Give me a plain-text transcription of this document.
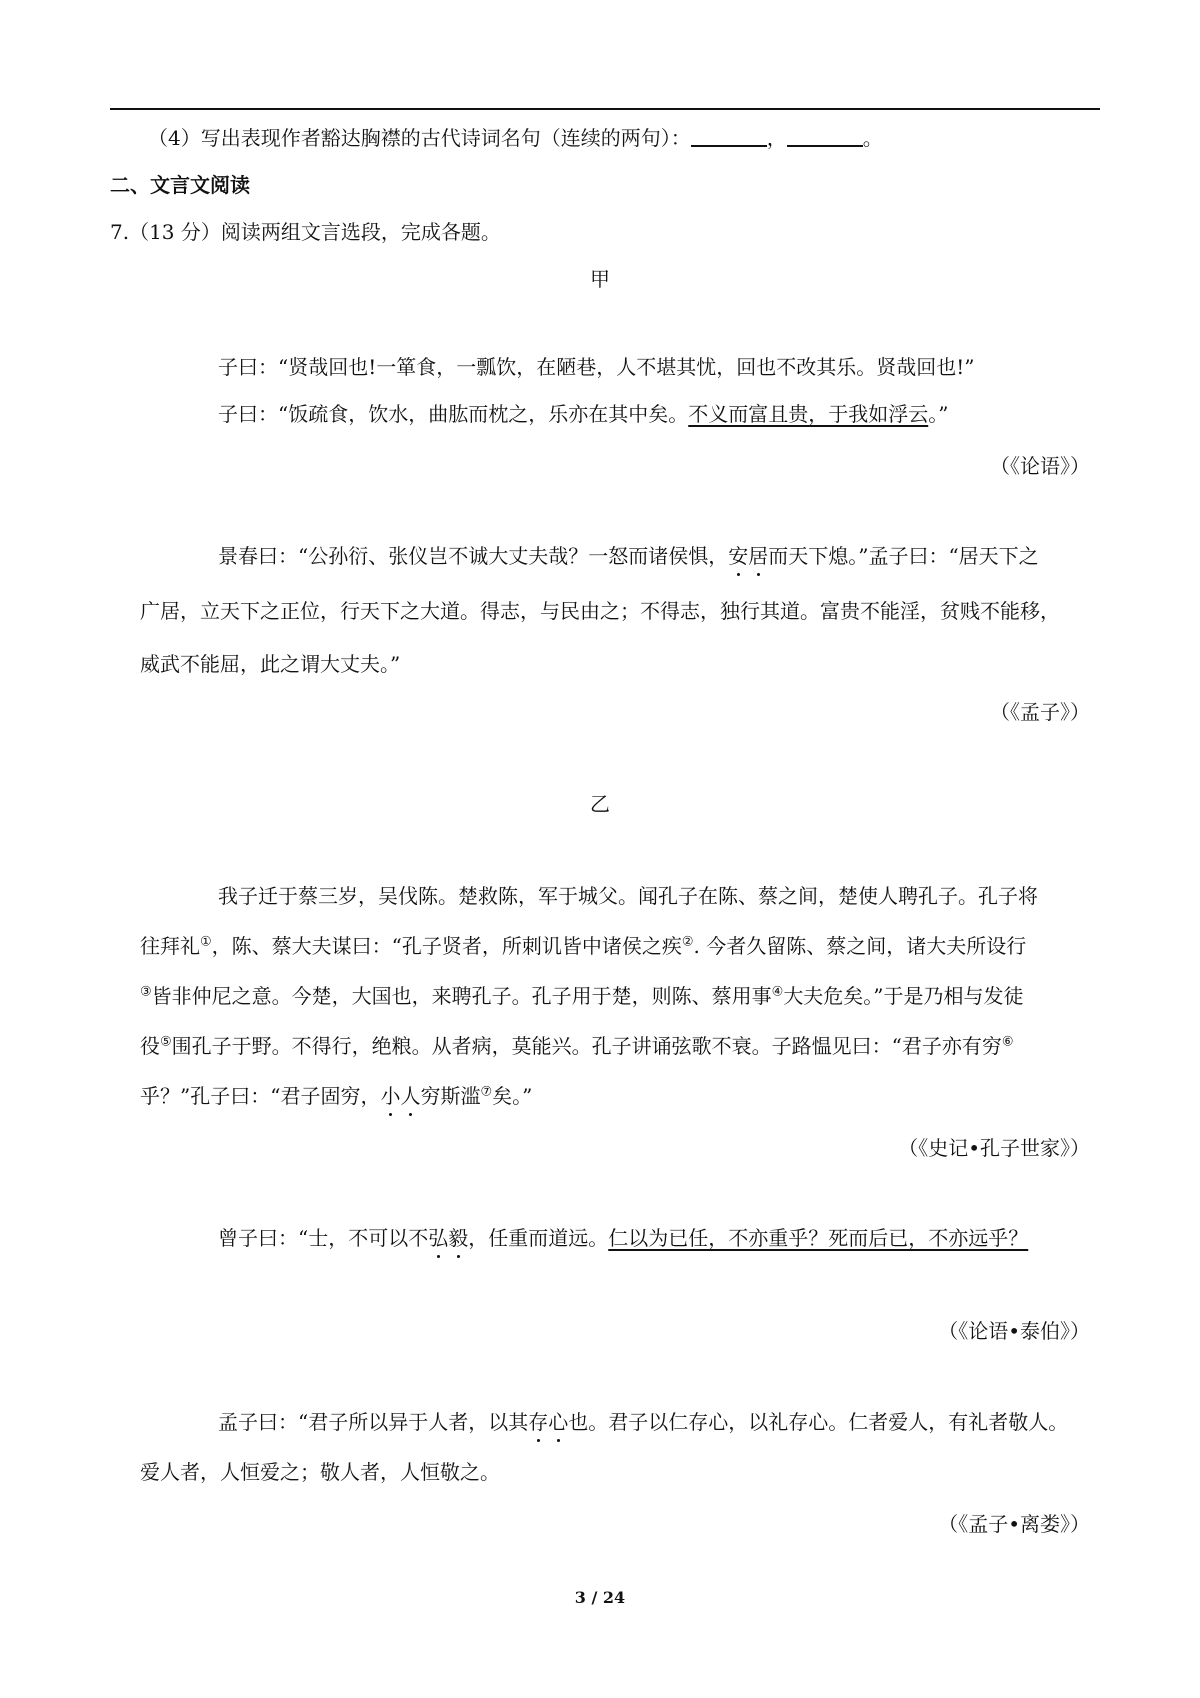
（4）写出表现作者豁达胸襟的古代诗词名句（连续的两句）：	，	。
二、文言文阅读
7.（13 分）阅读两组文言选段，完成各题。
甲
子曰：“贤哉回也!一箪食，一瓢饮，在陋巷，人不堪其忧，回也不改其乐。贤哉回也!”
子曰：“饭疏食，饮水，曲肱而枕之，乐亦在其中矣。不义而富且贵，于我如浮云。”
（《论语》）
景春曰：“公孙衍、张仪岂不诚大丈夫哉？一怒而诸侯惧，安居而天下熄。”孟子曰：“居天下之
广居，立天下之正位，行天下之大道。得志，与民由之；不得志，独行其道。富贵不能淫，贫贱不能移，
威武不能屈，此之谓大丈夫。”
（《孟子》）
乙
我子迁于蔡三岁，吴伐陈。楚救陈，军于城父。闻孔子在陈、蔡之间，楚使人聘孔子。孔子将
往拜礼①，陈、蔡大夫谋曰：“孔子贤者，所刺讥皆中诸侯之疾②. 今者久留陈、蔡之间，诸大夫所设行
③皆非仲尼之意。今楚，大国也，来聘孔子。孔子用于楚，则陈、蔡用事④大夫危矣。”于是乃相与发徒
役⑤围孔子于野。不得行，绝粮。从者病，莫能兴。孔子讲诵弦歌不衰。子路愠见曰：“君子亦有穷⑥
乎？”孔子曰：“君子固穷，小人穷斯滥⑦矣。”
（《史记•孔子世家》）
曾子曰：“士，不可以不弘毅，任重而道远。仁以为已任，不亦重乎？死而后已，不亦远乎？
（《论语•泰伯》）
孟子曰：“君子所以异于人者，以其存心也。君子以仁存心，以礼存心。仁者爱人，有礼者敬人。
爱人者，人恒爱之；敬人者，人恒敬之。
（《孟子•离娄》）
3 / 24
